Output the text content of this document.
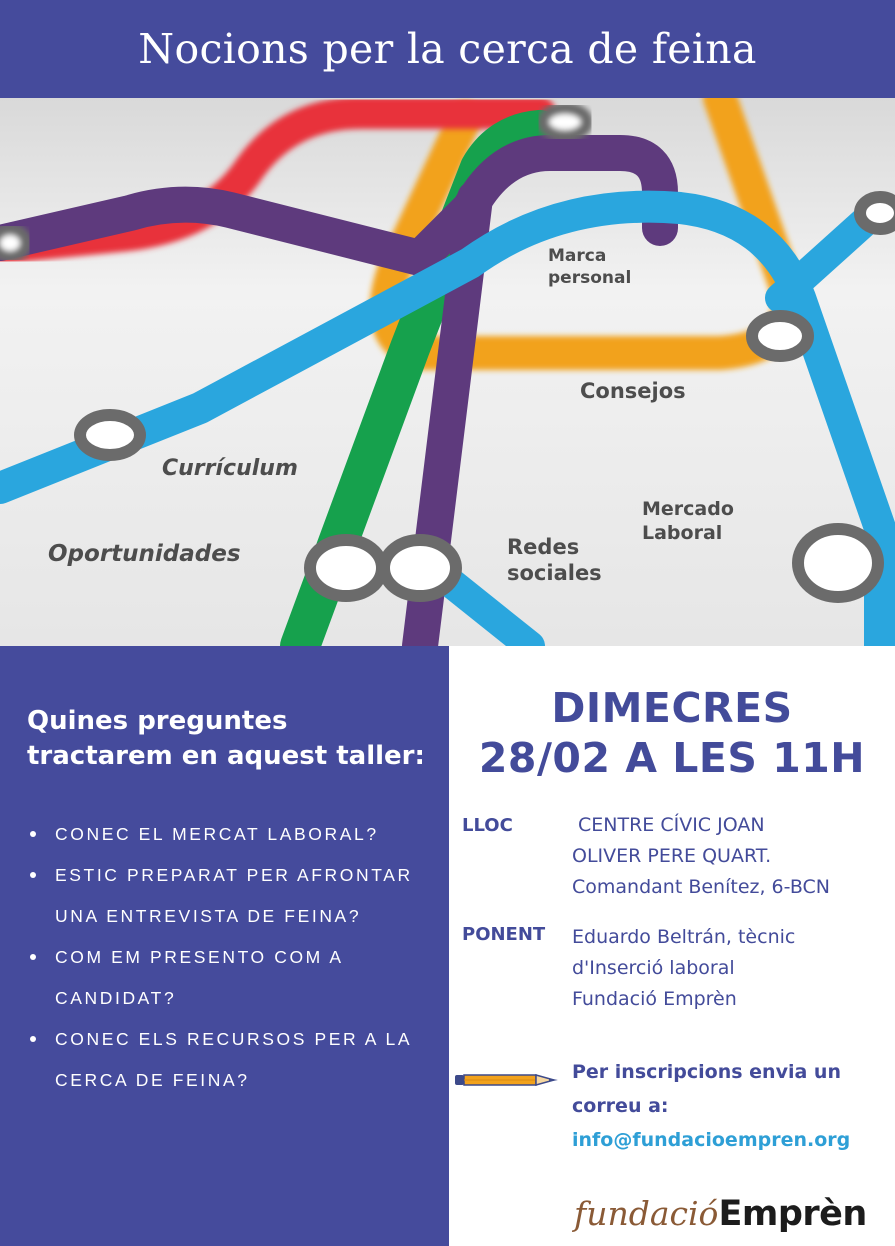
Nocions per la cerca de feina
Marca
personal
Consejos
Currículum
Oportunidades	Redes
sociales
Mercado
Laboral
Quines preguntes tractarem en aquest taller:
CONEC EL MERCAT LABORAL?
ESTIC PREPARAT PER AFRONTAR UNA ENTREVISTA DE FEINA?
COM EM PRESENTO COM A CANDIDAT?
CONEC ELS RECURSOS PER A LA CERCA DE FEINA?
DIMECRES
28/02 A LES 11H
LLOC	CENTRE CÍVIC JOAN
OLIVER PERE QUART.
Comandant Benítez, 6-BCN
PONENT Eduardo Beltrán, tècnic
d'Inserció laboral
Fundació Emprèn
Per inscripcions envia un correu a:
info@fundacioempren.org
fundacióEmprèn
